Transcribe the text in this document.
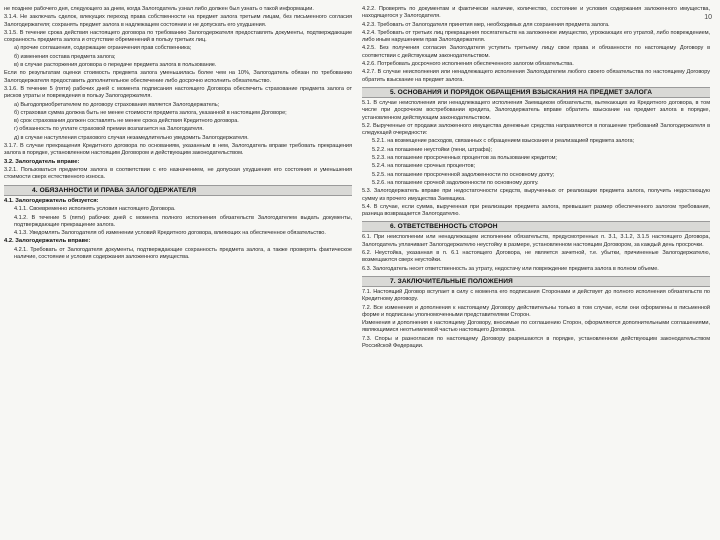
10

не позднее рабочего дня, следующего за днем, когда Залогодатель узнал либо должен был узнать о такой информации.

3.1.4. Не заключать сделок, влекущих переход права собственности на предмет залога третьим лицам, без письменного согласия Залогодержателя; сохранять предмет залога в надлежащем состоянии и не допускать его ухудшения.

3.1.5. В течение срока действия настоящего договора по требованию Залогодержателя предоставлять документы, подтверждающие сохранность предмета залога и отсутствие обременений в пользу третьих лиц.

а) прочие соглашения, содержащие ограничения прав собственника;

б) изменения состава предмета залога;

в) в случае расторжения договора о передаче предмета залога в пользование.

Если по результатам оценки стоимость предмета залога уменьшилась более чем на 10%, Залогодатель обязан по требованию Залогодержателя предоставить дополнительное обеспечение либо досрочно исполнить обязательство.

3.1.6. В течение 5 (пяти) рабочих дней с момента подписания настоящего Договора обеспечить страхование предмета залога от рисков утраты и повреждения в пользу Залогодержателя.

а) Выгодоприобретателем по договору страхования является Залогодержатель;

б) страховая сумма должна быть не менее стоимости предмета залога, указанной в настоящем Договоре;

в) срок страхования должен составлять не менее срока действия Кредитного договора.

г) обязанность по уплате страховой премии возлагается на Залогодателя.

д) в случае наступления страхового случая незамедлительно уведомить Залогодержателя.

3.1.7. В случае прекращения Кредитного договора по основаниям, указанным в нем, Залогодатель вправе требовать прекращения залога в порядке, установленном настоящим Договором и действующим законодательством.

3.2. Залогодатель вправе:

3.2.1. Пользоваться предметом залога в соответствии с его назначением, не допуская ухудшения его состояния и уменьшения стоимости сверх естественного износа.

4. ОБЯЗАННОСТИ И ПРАВА ЗАЛОГОДЕРЖАТЕЛЯ

4.1. Залогодержатель обязуется:

4.1.1. Своевременно исполнять условия настоящего Договора.

4.1.2. В течение 5 (пяти) рабочих дней с момента полного исполнения обязательств Залогодателем выдать документы, подтверждающие прекращение залога.

4.1.3. Уведомлять Залогодателя об изменении условий Кредитного договора, влияющих на обеспеченное обязательство.

4.2. Залогодержатель вправе:

4.2.1. Требовать от Залогодателя документы, подтверждающие сохранность предмета залога, а также проверять фактическое наличие, состояние и условия содержания заложенного имущества.

4.2.2. Проверять по документам и фактически наличие, количество, состояние и условия содержания заложенного имущества, находящегося у Залогодателя.

4.2.3. Требовать от Залогодателя принятия мер, необходимых для сохранения предмета залога.

4.2.4. Требовать от третьих лиц прекращения посягательств на заложенное имущество, угрожающих его утратой, либо повреждением, либо иным нарушением прав Залогодержателя.

4.2.5. Без получения согласия Залогодателя уступить третьему лицу свои права и обязанности по настоящему Договору в соответствии с действующим законодательством.

4.2.6. Потребовать досрочного исполнения обеспеченного залогом обязательства.

4.2.7. В случае неисполнения или ненадлежащего исполнения Залогодателем любого своего обязательства по настоящему Договору обратить взыскание на предмет залога.

5. ОСНОВАНИЯ И ПОРЯДОК ОБРАЩЕНИЯ ВЗЫСКАНИЯ НА ПРЕДМЕТ ЗАЛОГА

5.1. В случае неисполнения или ненадлежащего исполнения Заемщиком обязательств, вытекающих из Кредитного договора, в том числе при досрочном востребовании кредита, Залогодержатель вправе обратить взыскание на предмет залога в порядке, установленном действующим законодательством.

5.2. Вырученные от продажи заложенного имущества денежные средства направляются в погашение требований Залогодержателя в следующей очередности:

5.2.1. на возмещение расходов, связанных с обращением взыскания и реализацией предмета залога;

5.2.2. на погашение неустойки (пени, штрафа);

5.2.3. на погашение просроченных процентов за пользование кредитом;

5.2.4. на погашение срочных процентов;

5.2.5. на погашение просроченной задолженности по основному долгу;

5.2.6. на погашение срочной задолженности по основному долгу.

5.3. Залогодержатель вправе при недостаточности средств, вырученных от реализации предмета залога, получить недостающую сумму из прочего имущества Заемщика.

5.4. В случае, если сумма, вырученная при реализации предмета залога, превышает размер обеспеченного залогом требования, разница возвращается Залогодателю.

6. ОТВЕТСТВЕННОСТЬ СТОРОН

6.1. При неисполнении или ненадлежащем исполнении обязательств, предусмотренных п. 3.1, 3.1.2, 3.1.5 настоящего Договора, Залогодатель уплачивает Залогодержателю неустойку в размере, установленном настоящим Договором, за каждый день просрочки.

6.2. Неустойка, указанная в п. 6.1 настоящего Договора, не является зачетной, т.е. убытки, причиненные Залогодержателю, возмещаются сверх неустойки.

6.3. Залогодатель несет ответственность за утрату, недостачу или повреждение предмета залога в полном объеме.

7. ЗАКЛЮЧИТЕЛЬНЫЕ ПОЛОЖЕНИЯ

7.1. Настоящий Договор вступает в силу с момента его подписания Сторонами и действует до полного исполнения обязательств по Кредитному договору.

7.2. Все изменения и дополнения к настоящему Договору действительны только в том случае, если они оформлены в письменной форме и подписаны уполномоченными представителями Сторон.

Изменения и дополнения к настоящему Договору, вносимые по соглашению Сторон, оформляются дополнительными соглашениями, являющимися неотъемлемой частью настоящего Договора.

7.3. Споры и разногласия по настоящему Договору разрешаются в порядке, установленном действующим законодательством Российской Федерации.
